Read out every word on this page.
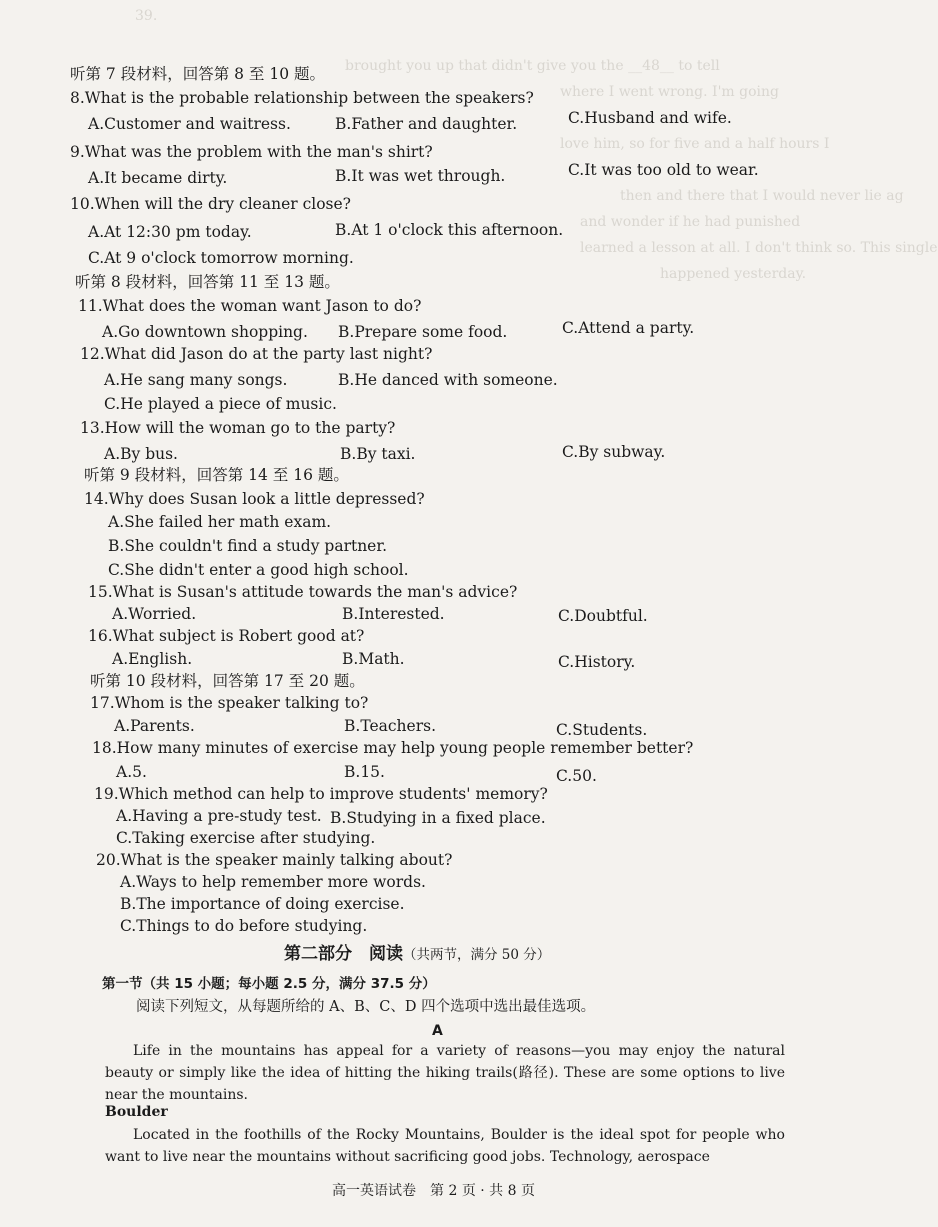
39.
brought you up that didn't give you the __48__ to tell
where I went wrong. I'm going
love him, so for five and a half hours I
then and there that I would never lie ag
and wonder if he had punished
learned a lesson at all. I don't think so. This single
happened yesterday.
听第 7 段材料，回答第 8 至 10 题。
8.What is the probable relationship between the speakers?
A.Customer and waitress.	B.Father and daughter.	C.Husband and wife.
9.What was the problem with the man's shirt?
A.It became dirty.	B.It was wet through.	C.It was too old to wear.
10.When will the dry cleaner close?
A.At 12:30 pm today.	B.At 1 o'clock this afternoon.
C.At 9 o'clock tomorrow morning.
听第 8 段材料，回答第 11 至 13 题。
11.What does the woman want Jason to do?
A.Go downtown shopping. B.Prepare some food.	C.Attend a party.
12.What did Jason do at the party last night?
A.He sang many songs.	B.He danced with someone.
C.He played a piece of music.
13.How will the woman go to the party?
A.By bus.	B.By taxi.	C.By subway.
听第 9 段材料，回答第 14 至 16 题。
14.Why does Susan look a little depressed?
A.She failed her math exam.
B.She couldn't find a study partner.
C.She didn't enter a good high school.
15.What is Susan's attitude towards the man's advice?
A.Worried.	B.Interested.	C.Doubtful.
16.What subject is Robert good at?
A.English.	B.Math.	C.History.
听第 10 段材料，回答第 17 至 20 题。
17.Whom is the speaker talking to?
A.Parents.	B.Teachers.	C.Students.
18.How many minutes of exercise may help young people remember better?
A.5.	B.15.	C.50.
19.Which method can help to improve students' memory?
A.Having a pre-study test. B.Studying in a fixed place.
C.Taking exercise after studying.
20.What is the speaker mainly talking about?
A.Ways to help remember more words.
B.The importance of doing exercise.
C.Things to do before studying.
第二部分　阅读（共两节，满分 50 分）
第一节（共 15 小题；每小题 2.5 分，满分 37.5 分）
阅读下列短文，从每题所给的 A、B、C、D 四个选项中选出最佳选项。
A

Life in the mountains has appeal for a variety of reasons—you may enjoy the natural beauty or simply like the idea of hitting the hiking trails(路径). These are some options to live near the mountains.

Boulder

Located in the foothills of the Rocky Mountains, Boulder is the ideal spot for people who want to live near the mountains without sacrificing good jobs. Technology, aerospace

高一英语试卷　第 2 页 · 共 8 页
